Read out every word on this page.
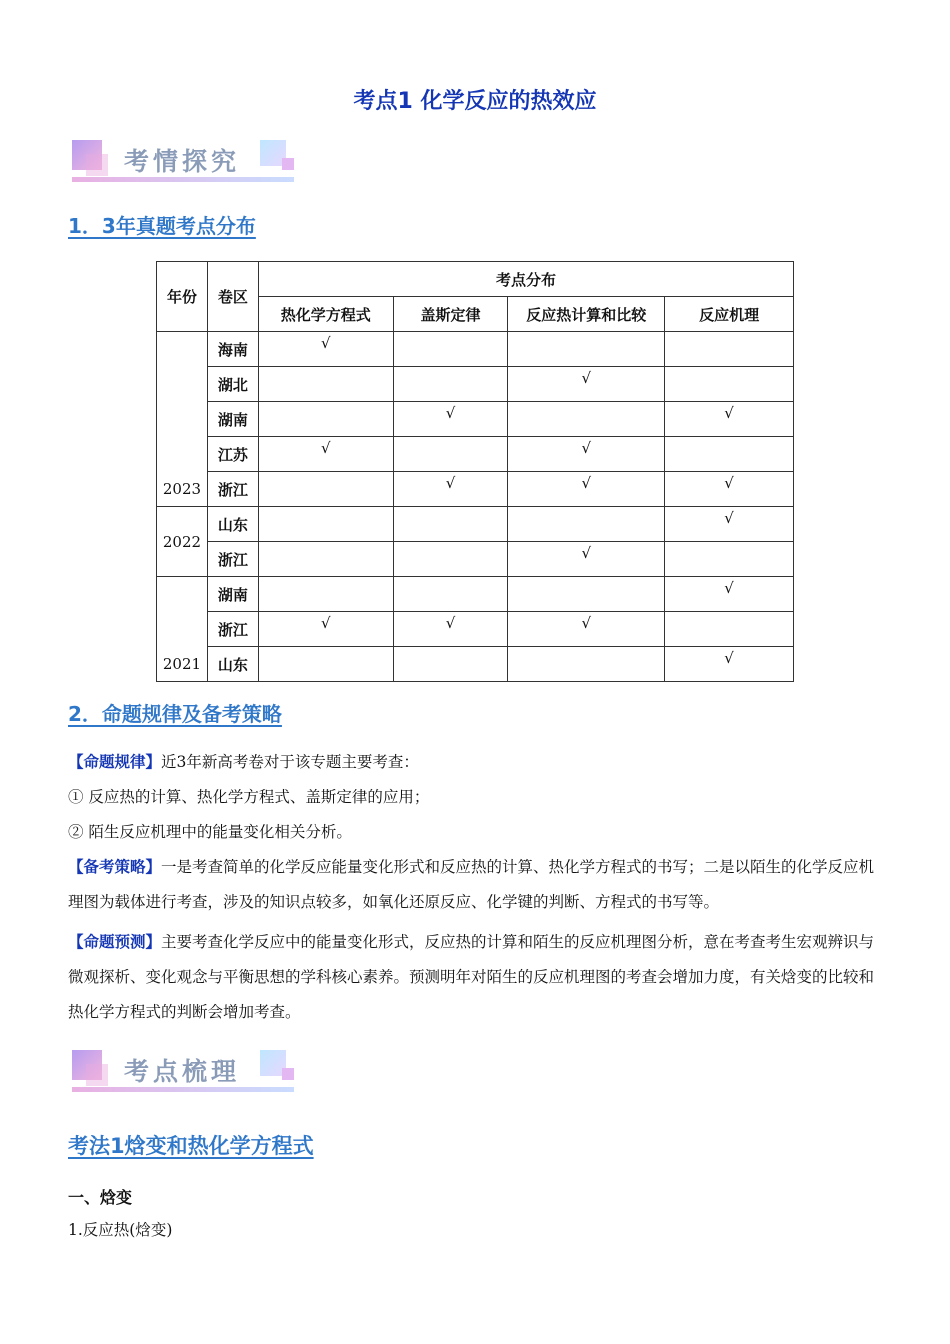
考点1 化学反应的热效应
考情探究
1．3年真题考点分布
年份	卷区	考点分布			
		热化学方程式	盖斯定律	反应热计算和比较	反应机理
2023	海南	√			
	湖北			√	
	湖南		√		√
	江苏	√		√	
	浙江		√	√	√
2022	山东				√
	浙江			√	
2021	湖南				√
	浙江	√	√	√	
	山东				√
2．命题规律及备考策略
【命题规律】近3年新高考卷对于该专题主要考查：
① 反应热的计算、热化学方程式、盖斯定律的应用；
② 陌生反应机理中的能量变化相关分析。
【备考策略】一是考查简单的化学反应能量变化形式和反应热的计算、热化学方程式的书写；二是以陌生的化学反应机理图为载体进行考查，涉及的知识点较多，如氧化还原反应、化学键的判断、方程式的书写等。
【命题预测】主要考查化学反应中的能量变化形式，反应热的计算和陌生的反应机理图分析，意在考查考生宏观辨识与微观探析、变化观念与平衡思想的学科核心素养。预测明年对陌生的反应机理图的考查会增加力度，有关焓变的比较和热化学方程式的判断会增加考查。
考点梳理
考法1焓变和热化学方程式
一、焓变
1.反应热(焓变)
